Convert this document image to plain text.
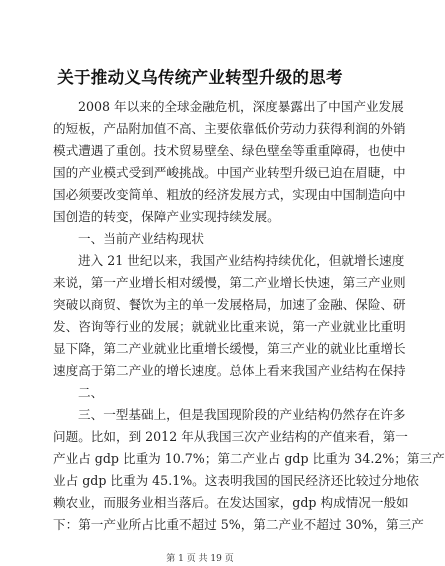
关于推动义乌传统产业转型升级的思考
2008 年以来的全球金融危机，深度暴露出了中国产业发展
的短板，产品附加值不高、主要依靠低价劳动力获得利润的外销
模式遭遇了重创。技术贸易壁垒、绿色壁垒等重重障碍，也使中
国的产业模式受到严峻挑战。中国产业转型升级已迫在眉睫，中
国必须要改变简单、粗放的经济发展方式，实现由中国制造向中
国创造的转变，保障产业实现持续发展。
一、当前产业结构现状
进入 21 世纪以来，我国产业结构持续优化，但就增长速度
来说，第一产业增长相对缓慢，第二产业增长快速，第三产业则
突破以商贸、餐饮为主的单一发展格局，加速了金融、保险、研
发、咨询等行业的发展；就就业比重来说，第一产业就业比重明
显下降，第二产业就业比重增长缓慢，第三产业的就业比重增长
速度高于第二产业的增长速度。总体上看来我国产业结构在保持
二、
三、一型基础上，但是我国现阶段的产业结构仍然存在许多
问题。比如，到 2012 年从我国三次产业结构的产值来看，第一
产业占 gdp 比重为 10.7%；第二产业占 gdp 比重为 34.2%；第三产
业占 gdp 比重为 45.1%。这表明我国的国民经济还比较过分地依
赖农业，而服务业相当落后。在发达国家，gdp 构成情况一般如
下：第一产业所占比重不超过 5%，第二产业不超过 30%，第三产
第 1 页 共 19 页
